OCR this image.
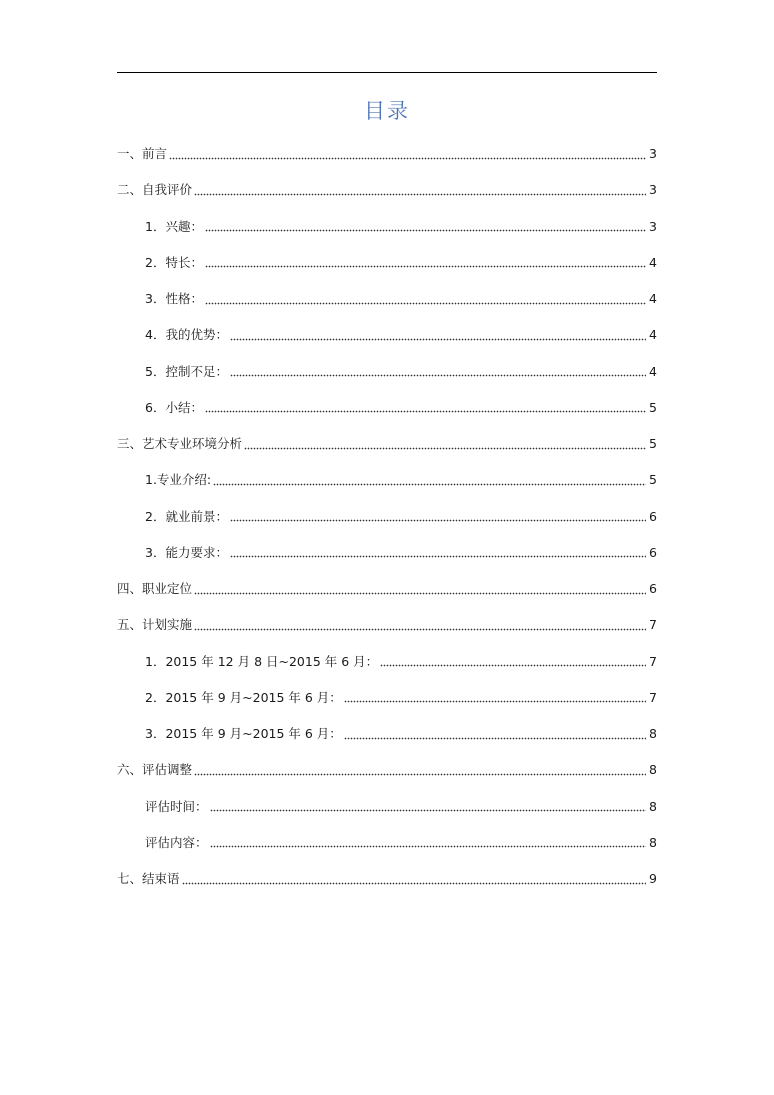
目录
一、前言	3
二、自我评价	3
1．兴趣：	3
2．特长：	4
3．性格：	4
4．我的优势：	4
5．控制不足：	4
6．小结：	5
三、艺术专业环境分析	5
1.专业介绍:	5
2．就业前景：	6
3．能力要求：	6
四、职业定位	6
五、计划实施	7
1．2015 年 12 月 8 日~2015 年 6 月：	7
2．2015 年 9 月~2015 年 6 月：	7
3．2015 年 9 月~2015 年 6 月：	8
六、评估调整	8
评估时间：	8
评估内容：	8
七、结束语	9
